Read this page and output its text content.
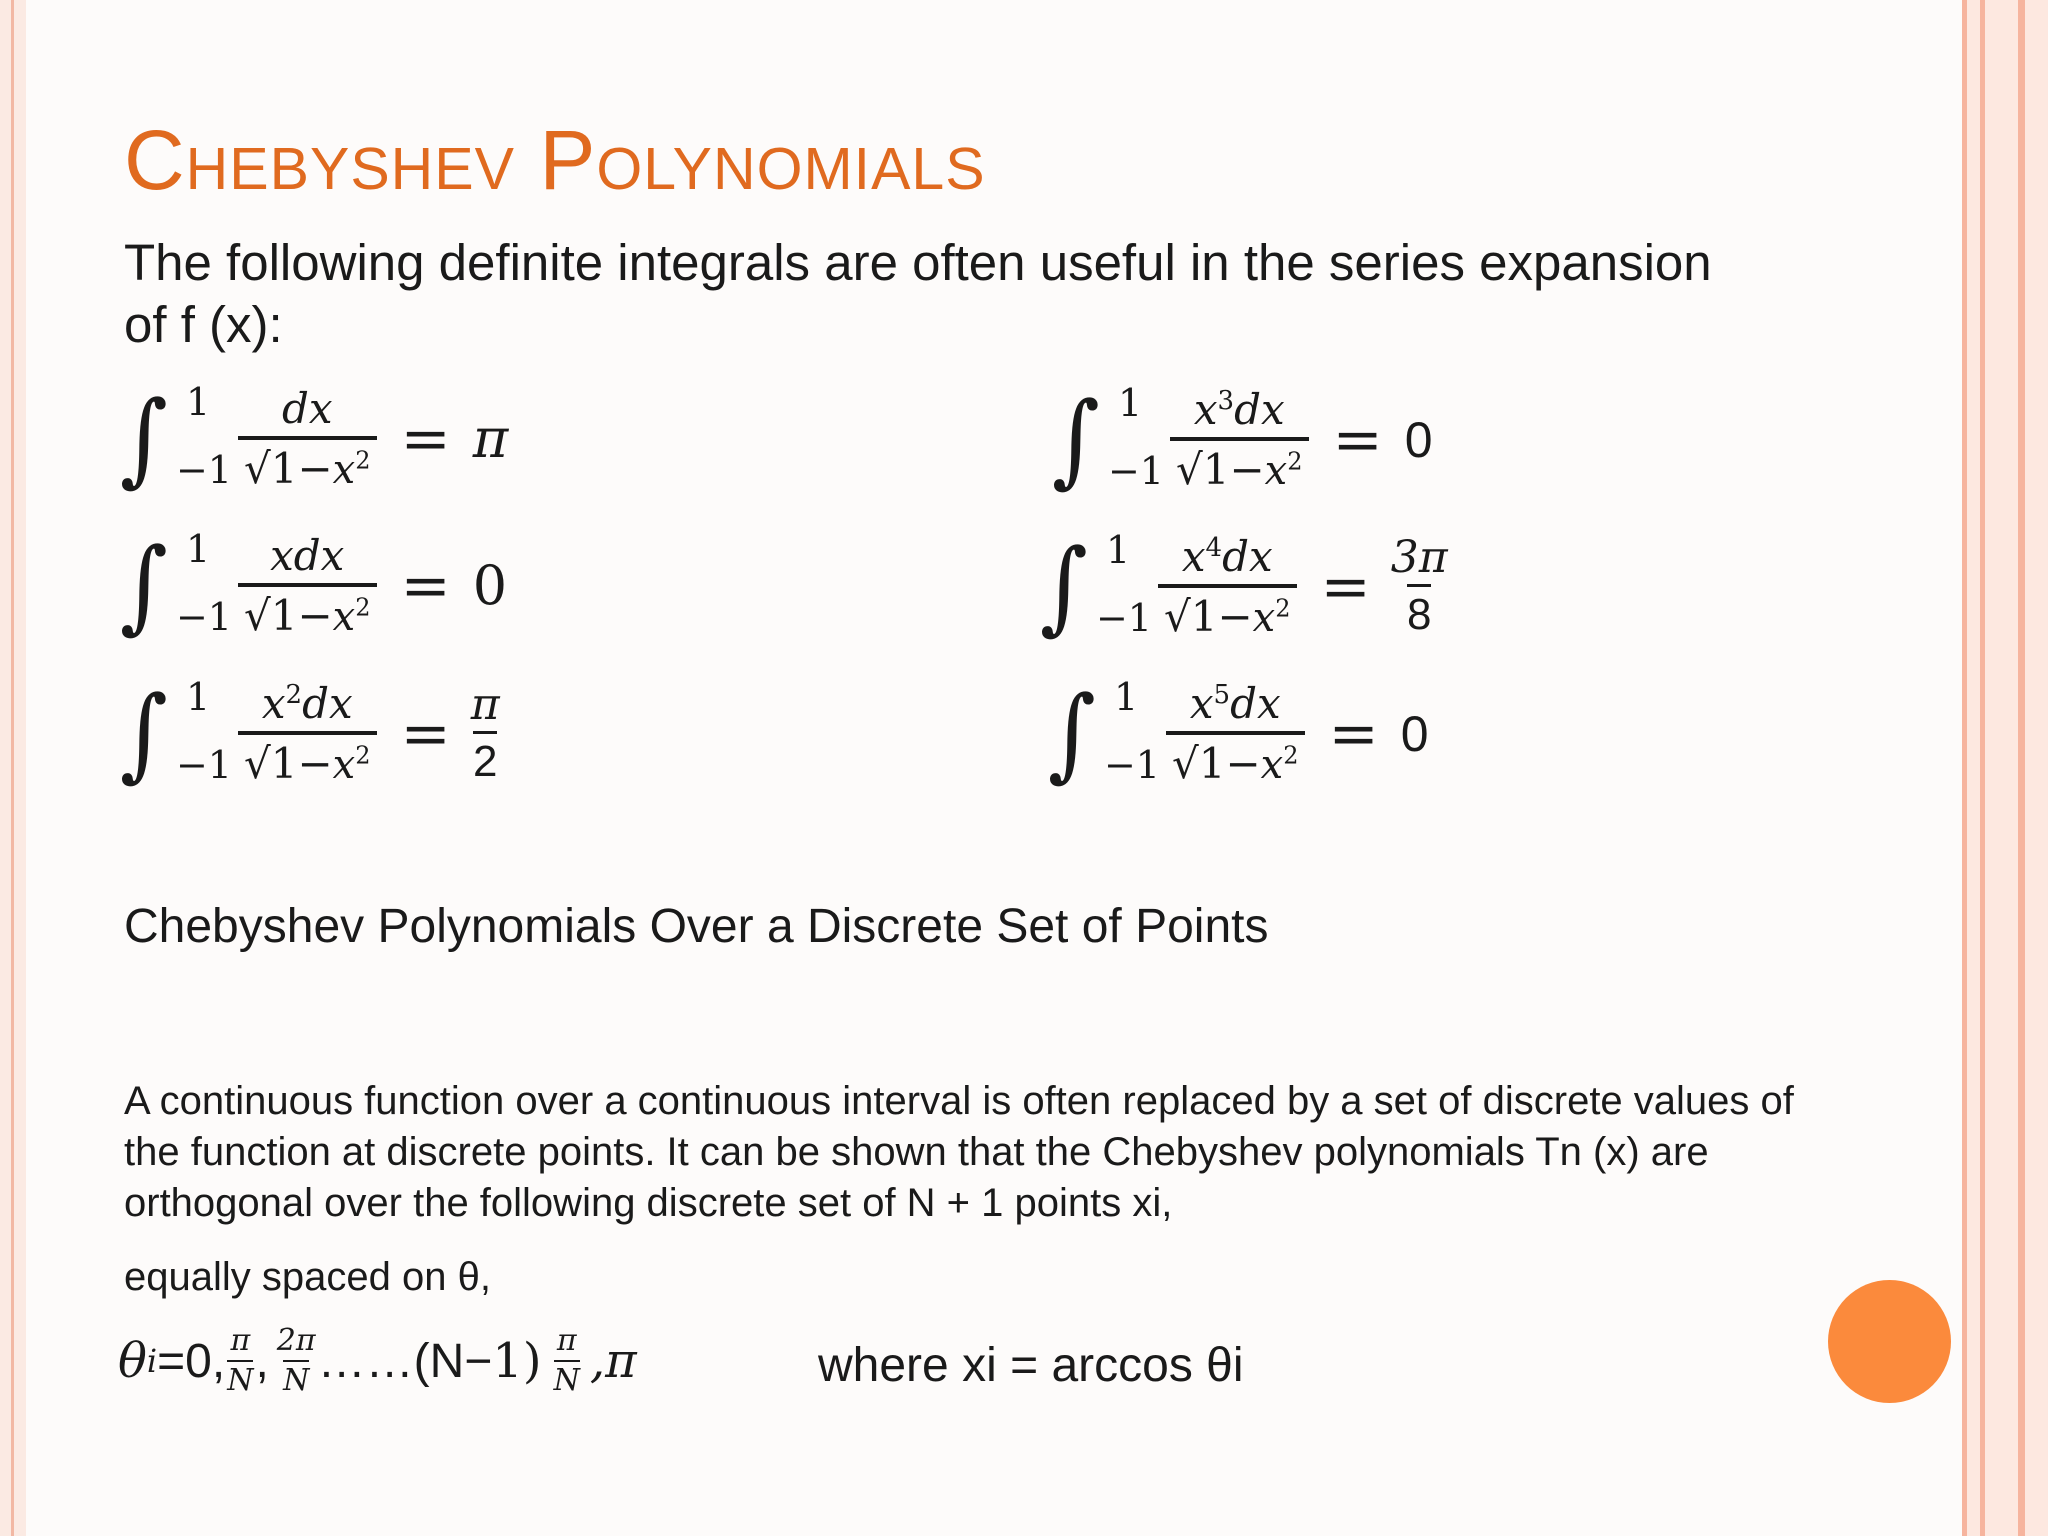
Chebyshev Polynomials

The following definite integrals are often useful in the series expansion of f (x):

∫ 1
$-1 \frac{dx}{√1-x^2} = \pi$
∫ 1
$-1 \frac{\text{xdx}}{√1-x^2} = 0$
∫ 1
$-1 \frac{x^2dx}{√1-x^2} = \frac{\pi}{2}$
∫ 1
$-1 \frac{x^3dx}{√1-x^2} = 0$
∫ 1
$-1 \frac{x^4dx}{√1-x^2} = \frac{3\pi}{8}$
∫ 1
$-1 \frac{x^5dx}{√1-x^2} = 0$
Chebyshev Polynomials Over a Discrete Set of Points

A continuous function over a continuous interval is often replaced by a set of discrete values of the function at discrete points. It can be shown that the Chebyshev polynomials Tn (x) are orthogonal over the following discrete set of N + 1 points xi,

equally spaced on θ,

θ i =0, π
N , 2π
N ……(N− 1) π
N ,π	where xi = arccos θi
